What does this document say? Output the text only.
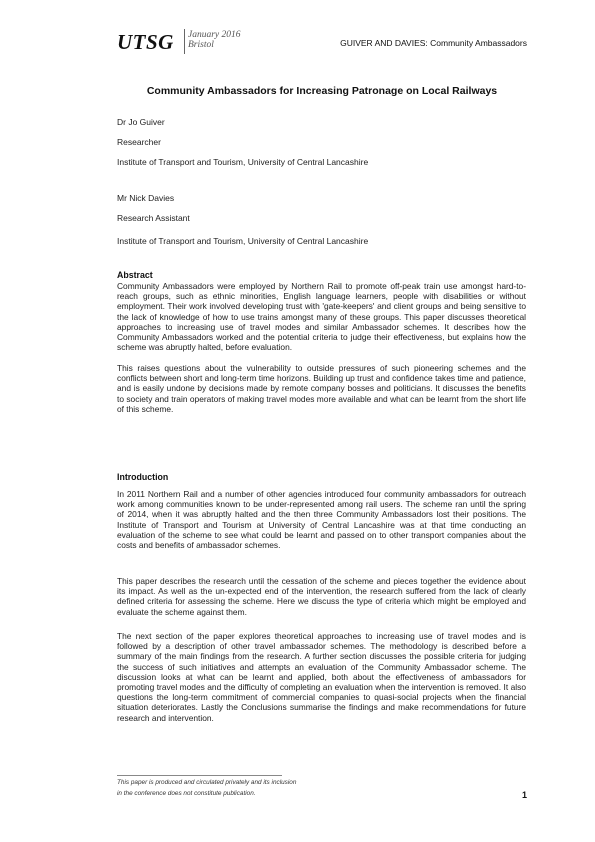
UTSG January 2016
Bristol	GUIVER AND DAVIES: Community Ambassadors
Community Ambassadors for Increasing Patronage on Local Railways
Dr Jo Guiver
Researcher
Institute of Transport and Tourism, University of Central Lancashire
Mr Nick Davies
Research Assistant
Institute of Transport and Tourism, University of Central Lancashire
Abstract

Community Ambassadors were employed by Northern Rail to promote off-peak train use amongst hard-to-reach groups, such as ethnic minorities, English language learners, people with disabilities or without employment. Their work involved developing trust with 'gate-keepers' and client groups and being sensitive to the lack of knowledge of how to use trains amongst many of these groups. This paper discusses theoretical approaches to increasing use of travel modes and similar Ambassador schemes. It describes how the Community Ambassadors worked and the potential criteria to judge their effectiveness, but explains how the scheme was abruptly halted, before evaluation.

This raises questions about the vulnerability to outside pressures of such pioneering schemes and the conflicts between short and long-term time horizons. Building up trust and confidence takes time and patience, and is easily undone by decisions made by remote company bosses and politicians. It discusses the benefits to society and train operators of making travel modes more available and what can be learnt from the short life of this scheme.

Introduction

In 2011 Northern Rail and a number of other agencies introduced four community ambassadors for outreach work among communities known to be under-represented among rail users. The scheme ran until the spring of 2014, when it was abruptly halted and the then three Community Ambassadors lost their positions. The Institute of Transport and Tourism at University of Central Lancashire was at that time conducting an evaluation of the scheme to see what could be learnt and passed on to other transport companies about the costs and benefits of ambassador schemes.

This paper describes the research until the cessation of the scheme and pieces together the evidence about its impact. As well as the un-expected end of the intervention, the research suffered from the lack of clearly defined criteria for assessing the scheme. Here we discuss the type of criteria which might be employed and evaluate the scheme against them.

The next section of the paper explores theoretical approaches to increasing use of travel modes and is followed by a description of other travel ambassador schemes. The methodology is described before a summary of the main findings from the research. A further section discusses the possible criteria for judging the success of such initiatives and attempts an evaluation of the Community Ambassador scheme. The discussion looks at what can be learnt and applied, both about the effectiveness of ambassadors for promoting travel modes and the difficulty of completing an evaluation when the intervention is removed. It also questions the long-term commitment of commercial companies to quasi-social projects when the financial situation deteriorates. Lastly the Conclusions summarise the findings and make recommendations for future research and intervention.

This paper is produced and circulated privately and its inclusion
in the conference does not constitute publication.	1
